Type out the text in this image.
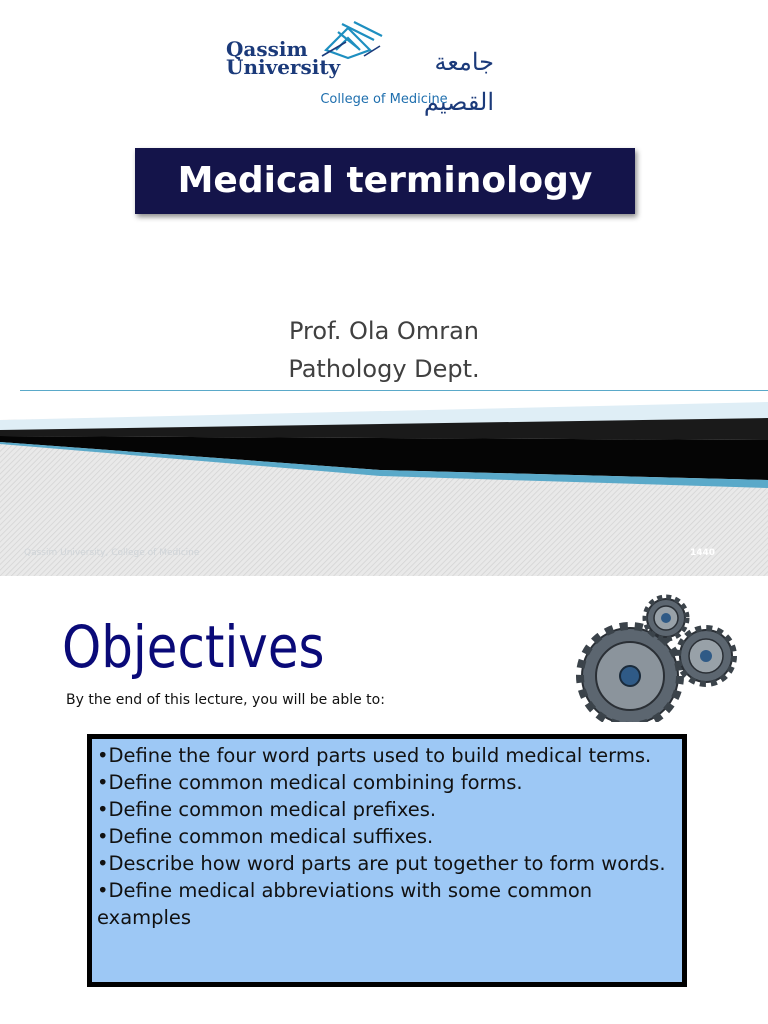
Qassim
University	جامعة القصيم
College of Medicine
Medical terminology
Prof. Ola Omran
Pathology Dept.
Qassim University, College of Medicine	1440
Objectives
By the end of this lecture, you will be able to:
• Define the four word parts used to build medical terms.
• Define common medical combining forms.
• Define common medical prefixes.
• Define common medical suffixes.
• Describe how word parts are put together to form words.
• Define medical abbreviations with some common examples
